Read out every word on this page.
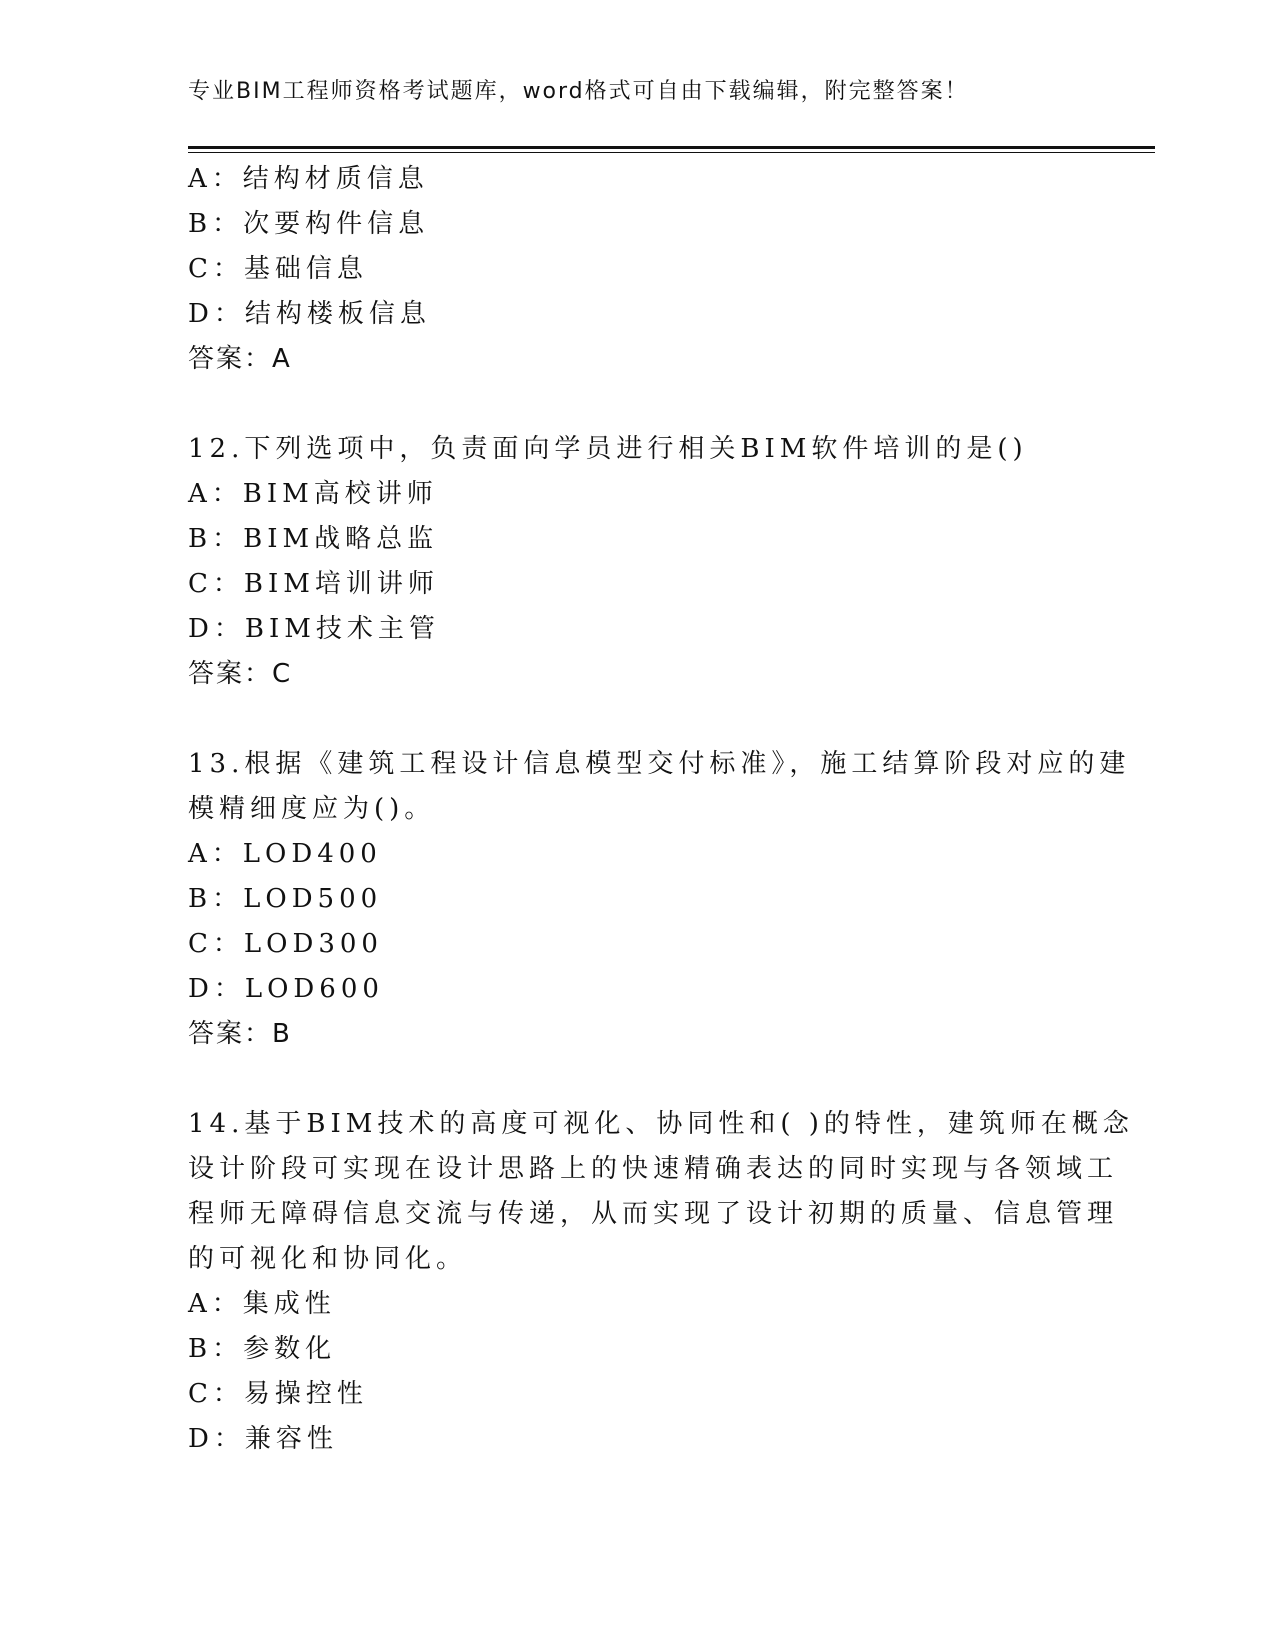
专业BIM工程师资格考试题库，word格式可自由下载编辑，附完整答案！
A：结构材质信息
B：次要构件信息
C：基础信息
D：结构楼板信息
答案：A
12.下列选项中，负责面向学员进行相关BIM软件培训的是()
A：BIM高校讲师
B：BIM战略总监
C：BIM培训讲师
D：BIM技术主管
答案：C
13.根据《建筑工程设计信息模型交付标准》，施工结算阶段对应的建
模精细度应为()。
A：LOD400
B：LOD500
C：LOD300
D：LOD600
答案：B
14.基于BIM技术的高度可视化、协同性和( )的特性，建筑师在概念
设计阶段可实现在设计思路上的快速精确表达的同时实现与各领域工
程师无障碍信息交流与传递，从而实现了设计初期的质量、信息管理
的可视化和协同化。
A：集成性
B：参数化
C：易操控性
D：兼容性
